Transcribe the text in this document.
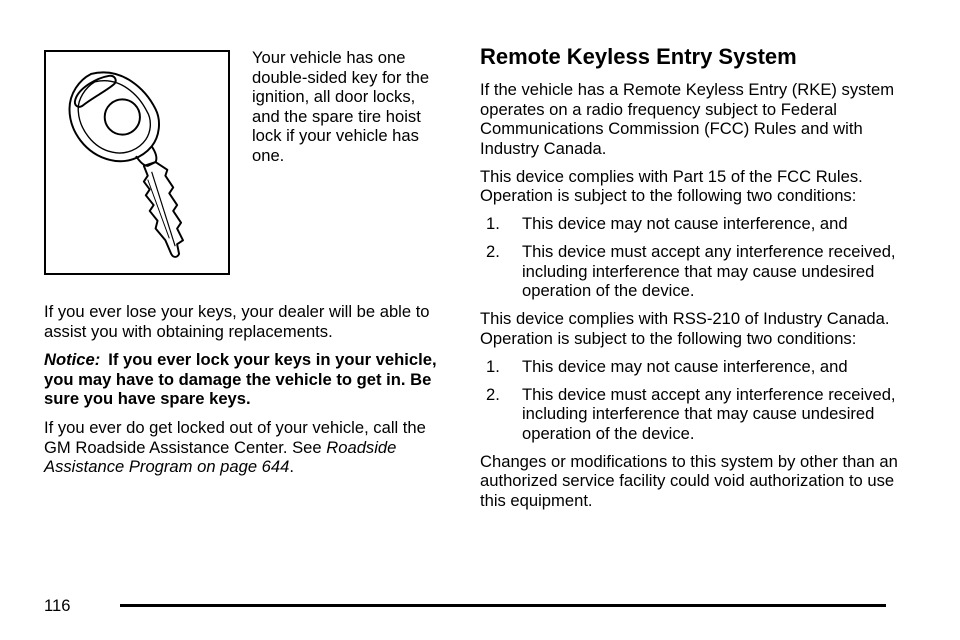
Your vehicle has one double-sided key for the ignition, all door locks, and the spare tire hoist lock if your vehicle has one.

If you ever lose your keys, your dealer will be able to assist you with obtaining replacements.

Notice: If you ever lock your keys in your vehicle, you may have to damage the vehicle to get in. Be sure you have spare keys.

If you ever do get locked out of your vehicle, call the GM Roadside Assistance Center. See Roadside Assistance Program on page 644.

Remote Keyless Entry System

If the vehicle has a Remote Keyless Entry (RKE) system operates on a radio frequency subject to Federal Communications Commission (FCC) Rules and with Industry Canada.

This device complies with Part 15 of the FCC Rules. Operation is subject to the following two conditions:

1. This device may not cause interference, and
2. This device must accept any interference received, including interference that may cause undesired operation of the device.

This device complies with RSS-210 of Industry Canada. Operation is subject to the following two conditions:

1. This device may not cause interference, and
2. This device must accept any interference received, including interference that may cause undesired operation of the device.

Changes or modifications to this system by other than an authorized service facility could void authorization to use this equipment.

116
